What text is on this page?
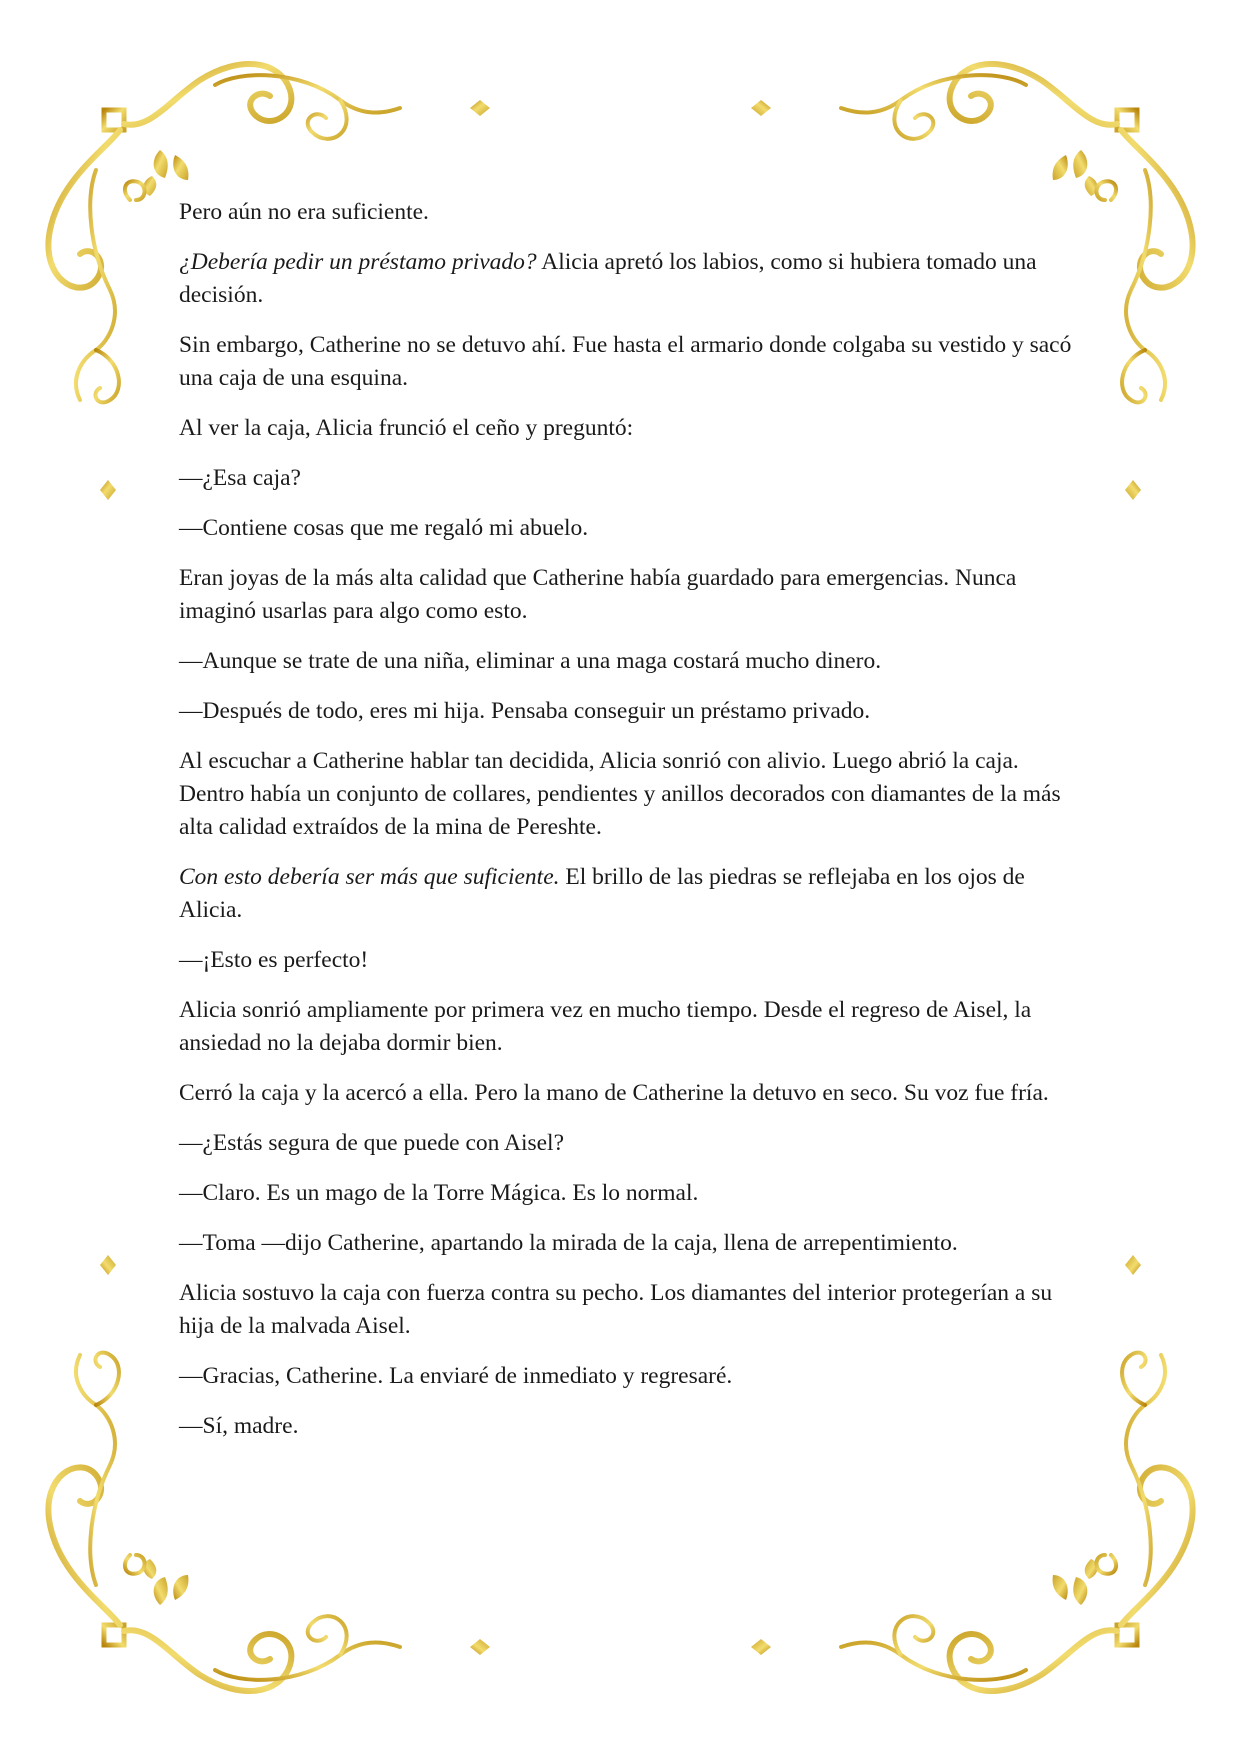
Pero aún no era suficiente.

¿Debería pedir un préstamo privado? Alicia apretó los labios, como si hubiera tomado una decisión.

Sin embargo, Catherine no se detuvo ahí. Fue hasta el armario donde colgaba su vestido y sacó una caja de una esquina.

Al ver la caja, Alicia frunció el ceño y preguntó:

—¿Esa caja?

—Contiene cosas que me regaló mi abuelo.

Eran joyas de la más alta calidad que Catherine había guardado para emergencias. Nunca imaginó usarlas para algo como esto.

—Aunque se trate de una niña, eliminar a una maga costará mucho dinero.

—Después de todo, eres mi hija. Pensaba conseguir un préstamo privado.

Al escuchar a Catherine hablar tan decidida, Alicia sonrió con alivio. Luego abrió la caja. Dentro había un conjunto de collares, pendientes y anillos decorados con diamantes de la más alta calidad extraídos de la mina de Pereshte.

Con esto debería ser más que suficiente. El brillo de las piedras se reflejaba en los ojos de Alicia.

—¡Esto es perfecto!

Alicia sonrió ampliamente por primera vez en mucho tiempo. Desde el regreso de Aisel, la ansiedad no la dejaba dormir bien.

Cerró la caja y la acercó a ella. Pero la mano de Catherine la detuvo en seco. Su voz fue fría.

—¿Estás segura de que puede con Aisel?

—Claro. Es un mago de la Torre Mágica. Es lo normal.

—Toma —dijo Catherine, apartando la mirada de la caja, llena de arrepentimiento.

Alicia sostuvo la caja con fuerza contra su pecho. Los diamantes del interior protegerían a su hija de la malvada Aisel.

—Gracias, Catherine. La enviaré de inmediato y regresaré.

—Sí, madre.
